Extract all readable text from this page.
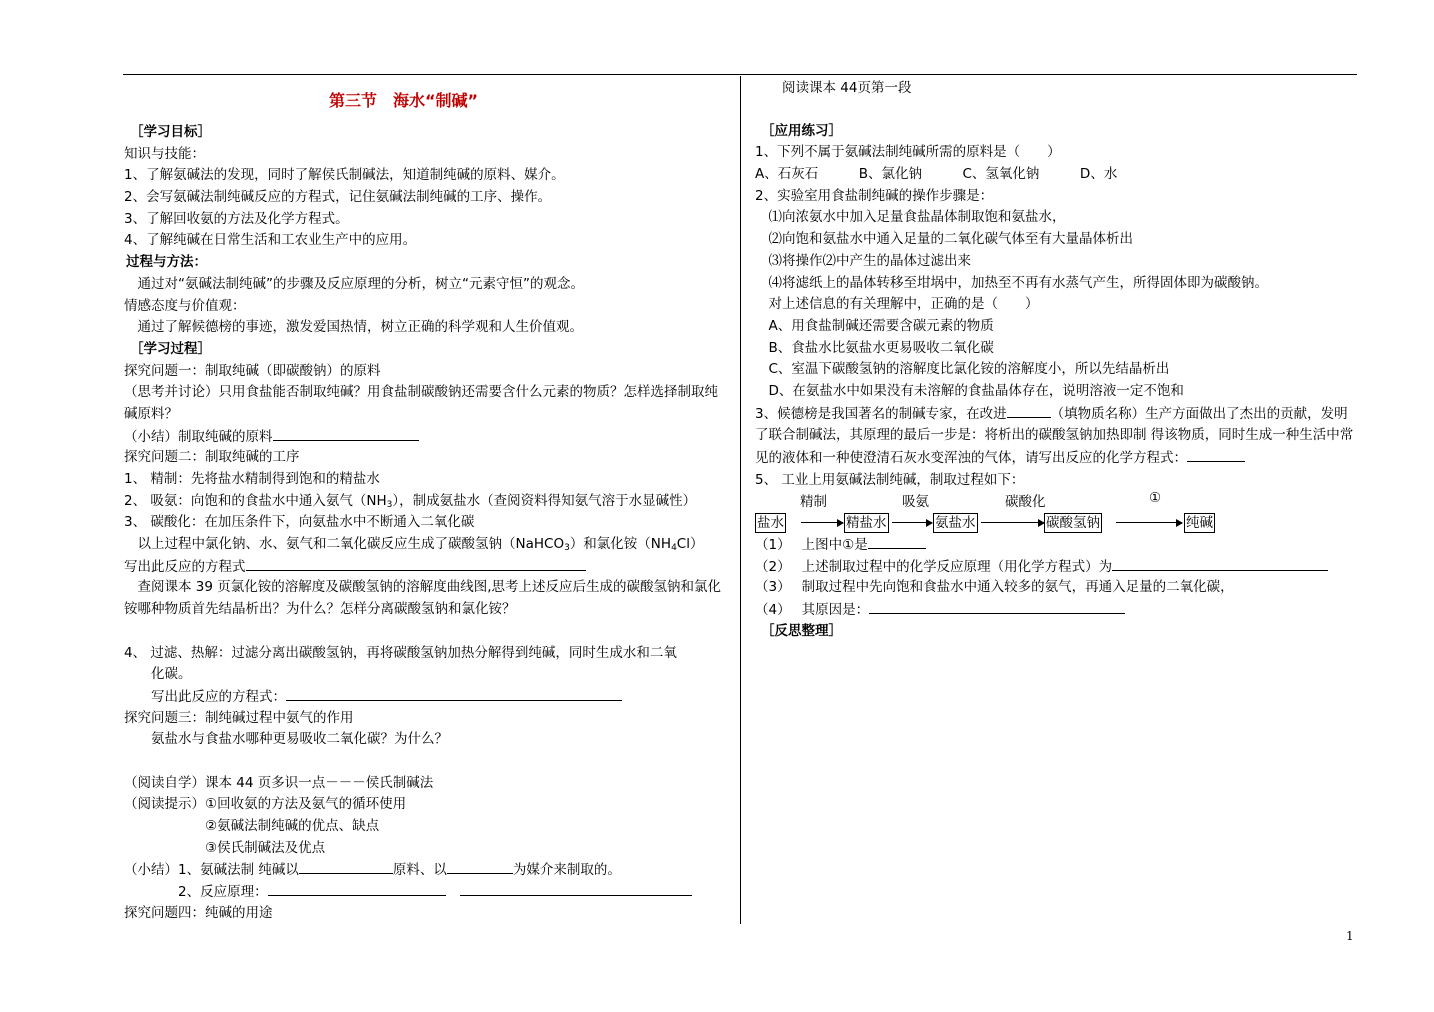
第三节　海水“制碱”
［学习目标］
知识与技能：
1、了解氨碱法的发现，同时了解侯氏制碱法，知道制纯碱的原料、媒介。
2、会写氨碱法制纯碱反应的方程式，记住氨碱法制纯碱的工序、操作。
3、了解回收氨的方法及化学方程式。
4、了解纯碱在日常生活和工农业生产中的应用。
过程与方法：
　通过对“氨碱法制纯碱”的步骤及反应原理的分析，树立“元素守恒”的观念。
情感态度与价值观：
　通过了解候德榜的事迹，激发爱国热情，树立正确的科学观和人生价值观。
［学习过程］
探究问题一：制取纯碱（即碳酸钠）的原料
（思考并讨论）只用食盐能否制取纯碱？用食盐制碳酸钠还需要含什么元素的物质？怎样选择制取纯碱原料？
（小结）制取纯碱的原料
探究问题二：制取纯碱的工序
1、 精制：先将盐水精制得到饱和的精盐水
2、 吸氨：向饱和的食盐水中通入氨气$(NH_3)$，制成氨盐水（查阅资料得知氨气溶于水显碱性）
3、 碳酸化：在加压条件下，向氨盐水中不断通入二氧化碳
　以上过程中氯化钠、水、氨气和二氧化碳反应生成了碳酸氢钠（NaHCO$_3$）和氯化铵$(NH_4Cl)$
写出此反应的方程式
　查阅课本 39 页氯化铵的溶解度及碳酸氢钠的溶解度曲线图,思考上述反应后生成的碳酸氢钠和氯化铵哪种物质首先结晶析出？为什么？怎样分离碳酸氢钠和氯化铵？
4、 过滤、热解：过滤分离出碳酸氢钠，再将碳酸氢钠加热分解得到纯碱，同时生成水和二氧
　　化碳。
　　写出此反应的方程式：
探究问题三：制纯碱过程中氨气的作用
　　氨盐水与食盐水哪种更易吸收二氧化碳？为什么？
（阅读自学）课本 44 页多识一点－－－侯氏制碱法
（阅读提示）①回收氨的方法及氨气的循环使用
　　　　　　②氨碱法制纯碱的优点、缺点
　　　　　　③侯氏制碱法及优点
（小结）1、氨碱法制 纯碱以	原料、以	为媒介来制取的。
　　　　2、反应原理：
探究问题四：纯碱的用途
　　阅读课本 44页第一段
［应用练习］
1、下列不属于氨碱法制纯碱所需的原料是（　　）
A、石灰石　　　B、氯化钠　　　C、氢氧化钠　　　D、水
2、实验室用食盐制纯碱的操作步骤是：
　⑴向浓氨水中加入足量食盐晶体制取饱和氨盐水，
　⑵向饱和氨盐水中通入足量的二氧化碳气体至有大量晶体析出
　⑶将操作⑵中产生的晶体过滤出来
　⑷将滤纸上的晶体转移至坩埚中，加热至不再有水蒸气产生，所得固体即为碳酸钠。
　对上述信息的有关理解中，正确的是（　　）
　A、用食盐制碱还需要含碳元素的物质
　B、食盐水比氨盐水更易吸收二氧化碳
　C、室温下碳酸氢钠的溶解度比氯化铵的溶解度小，所以先结晶析出
　D、在氨盐水中如果没有未溶解的食盐晶体存在，说明溶液一定不饱和
3、候德榜是我国著名的制碱专家，在改进	（填物质名称）生产方面做出了杰出的贡献，发明了联合制碱法，其原理的最后一步是：将析出的碳酸氢钠加热即制 得该物质，同时生成一种生活中常见的液体和一种使澄清石灰水变浑浊的气体，请写出反应的化学方程式：
5、 工业上用氨碱法制纯碱，制取过程如下：
精制	吸氨	碳酸化	①
盐水	精盐水	氨盐水	碳酸氢钠	纯碱
（1）　 上图中①是
（2）　 上述制取过程中的化学反应原理（用化学方程式）为
（3）　 制取过程中先向饱和食盐水中通入较多的氨气，再通入足量的二氧化碳，
（4）　 其原因是：
［反思整理］
1
